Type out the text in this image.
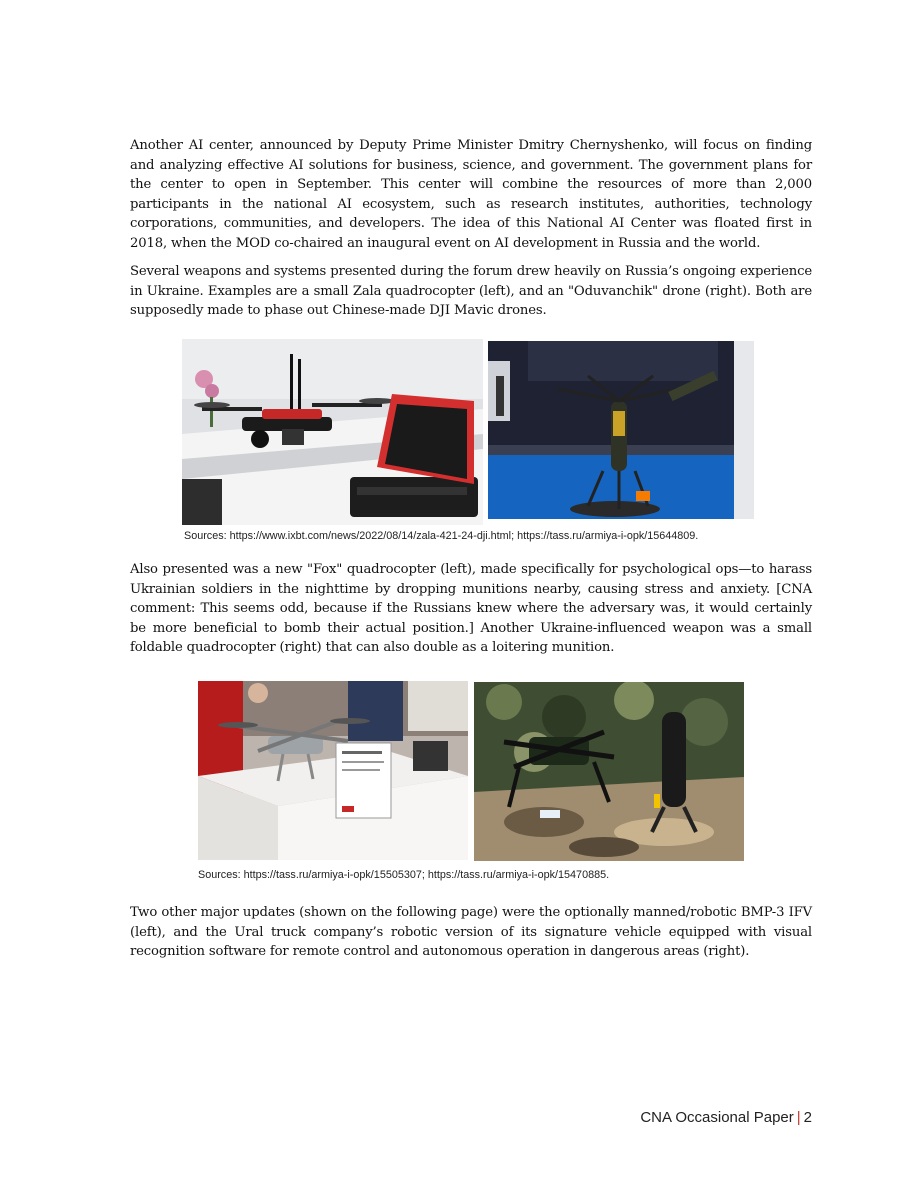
Another AI center, announced by Deputy Prime Minister Dmitry Chernyshenko, will focus on finding and analyzing effective AI solutions for business, science, and government. The government plans for the center to open in September. This center will combine the resources of more than 2,000 participants in the national AI ecosystem, such as research institutes, authorities, technology corporations, communities, and developers. The idea of this National AI Center was floated first in 2018, when the MOD co-chaired an inaugural event on AI development in Russia and the world.

Several weapons and systems presented during the forum drew heavily on Russia’s ongoing experience in Ukraine. Examples are a small Zala quadrocopter (left), and an "Oduvanchik" drone (right). Both are supposedly made to phase out Chinese-made DJI Mavic drones.

Sources: https://www.ixbt.com/news/2022/08/14/zala-421-24-dji.html; https://tass.ru/armiya-i-opk/15644809.

Also presented was a new "Fox" quadrocopter (left), made specifically for psychological ops—to harass Ukrainian soldiers in the nighttime by dropping munitions nearby, causing stress and anxiety. [CNA comment: This seems odd, because if the Russians knew where the adversary was, it would certainly be more beneficial to bomb their actual position.] Another Ukraine-influenced weapon was a small foldable quadrocopter (right) that can also double as a loitering munition.

Sources: https://tass.ru/armiya-i-opk/15505307; https://tass.ru/armiya-i-opk/15470885.

Two other major updates (shown on the following page) were the optionally manned/robotic BMP-3 IFV (left), and the Ural truck company’s robotic version of its signature vehicle equipped with visual recognition software for remote control and autonomous operation in dangerous areas (right).

CNA Occasional Paper | 2
